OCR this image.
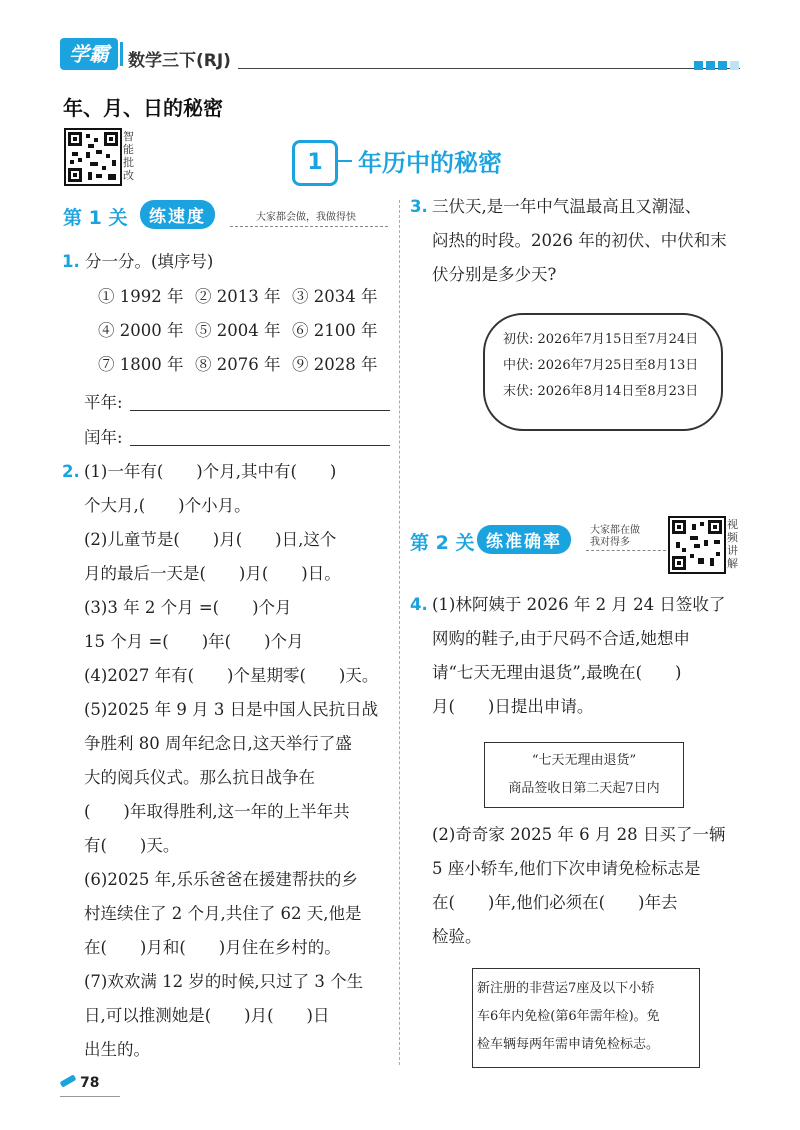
学霸	数学三下(RJ)
年、月、日的秘密
智能批改
1	年历中的秘密
第 1 关	练速度	大家都会做，我做得快
1. 分一分。(填序号)
① 1992 年 ② 2013 年 ③ 2034 年
④ 2000 年 ⑤ 2004 年 ⑥ 2100 年
⑦ 1800 年 ⑧ 2076 年 ⑨ 2028 年
平年:
闰年:
2. (1)一年有(　　)个月,其中有(　　)
个大月,(　　)个小月。
(2)儿童节是(　　)月(　　)日,这个
月的最后一天是(　　)月(　　)日。
(3)3 年 2 个月 =(　　)个月
15 个月 =(　　)年(　　)个月
(4)2027 年有(　　)个星期零(　　)天。
(5)2025 年 9 月 3 日是中国人民抗日战
争胜利 80 周年纪念日,这天举行了盛
大的阅兵仪式。那么抗日战争在
(　　)年取得胜利,这一年的上半年共
有(　　)天。
(6)2025 年,乐乐爸爸在援建帮扶的乡
村连续住了 2 个月,共住了 62 天,他是
在(　　)月和(　　)月住在乡村的。
(7)欢欢满 12 岁的时候,只过了 3 个生
日,可以推测她是(　　)月(　　)日
出生的。
3. 三伏天,是一年中气温最高且又潮湿、
闷热的时段。2026 年的初伏、中伏和末
伏分别是多少天?
初伏: 2026年7月15日至7月24日
中伏: 2026年7月25日至8月13日
末伏: 2026年8月14日至8月23日
第 2 关 练准确率
大家都在做
我对得多
视频讲解
4. (1)林阿姨于 2026 年 2 月 24 日签收了
网购的鞋子,由于尺码不合适,她想申
请“七天无理由退货”,最晚在(　　)
月(　　)日提出申请。
“七天无理由退货”
商品签收日第二天起7日内
(2)奇奇家 2025 年 6 月 28 日买了一辆
5 座小轿车,他们下次申请免检标志是
在(　　)年,他们必须在(　　)年去
检验。
新注册的非营运7座及以下小轿
车6年内免检(第6年需年检)。免
检车辆每两年需申请免检标志。
78
